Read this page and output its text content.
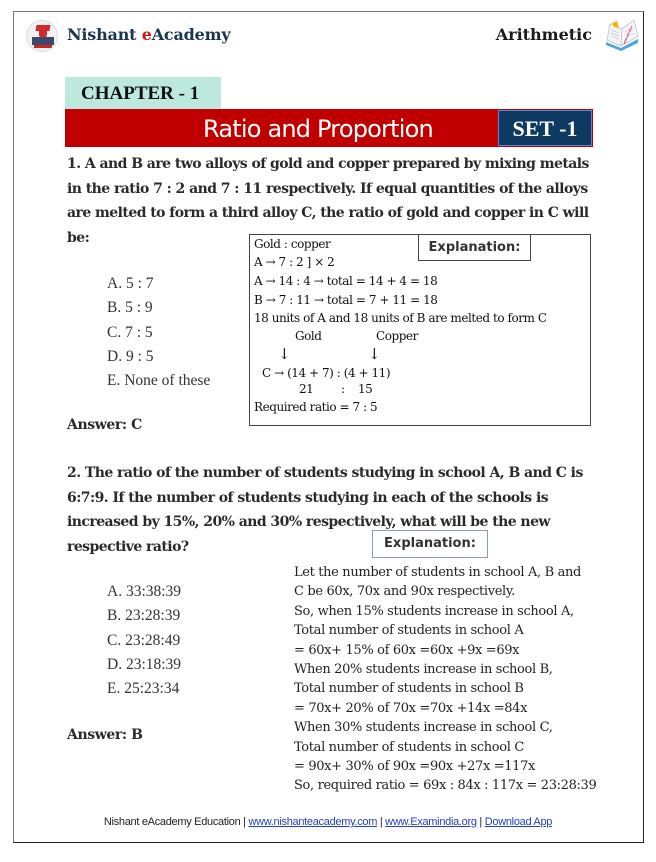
Nishant eAcademy	Arithmetic
CHAPTER - 1
Ratio and Proportion	SET -1
1. A and B are two alloys of gold and copper prepared by mixing metals in the ratio 7 : 2 and 7 : 11 respectively. If equal quantities of the alloys are melted to form a third alloy C, the ratio of gold and copper in C will be:
A. 5 : 7
B. 5 : 9
C. 7 : 5
D. 9 : 5
E. None of these
Answer: C
Gold : copper
A → 7 : 2 ] × 2
A → 14 : 4 → total = 14 + 4 = 18
B → 7 : 11 → total = 7 + 11 = 18
18 units of A and 18 units of B are melted to form C
Gold	Copper
↓	↓
C → (14 + 7) : (4 + 11)
21 : 15
Required ratio = 7 : 5
Explanation:
2. The ratio of the number of students studying in school A, B and C is 6:7:9. If the number of students studying in each of the schools is increased by 15%, 20% and 30% respectively, what will be the new respective ratio?	Explanation:
A. 33:38:39
B. 23:28:39
C. 23:28:49
D. 23:18:39
E. 25:23:34
Answer: B
Let the number of students in school A, B and
C be 60x, 70x and 90x respectively.
So, when 15% students increase in school A,
Total number of students in school A
= 60x+ 15% of 60x =60x +9x =69x
When 20% students increase in school B,
Total number of students in school B
= 70x+ 20% of 70x =70x +14x =84x
When 30% students increase in school C,
Total number of students in school C
= 90x+ 30% of 90x =90x +27x =117x
So, required ratio = 69x : 84x : 117x = 23:28:39
Nishant eAcademy Education | www.nishanteacademy.com | www.Examindia.org | Download App
